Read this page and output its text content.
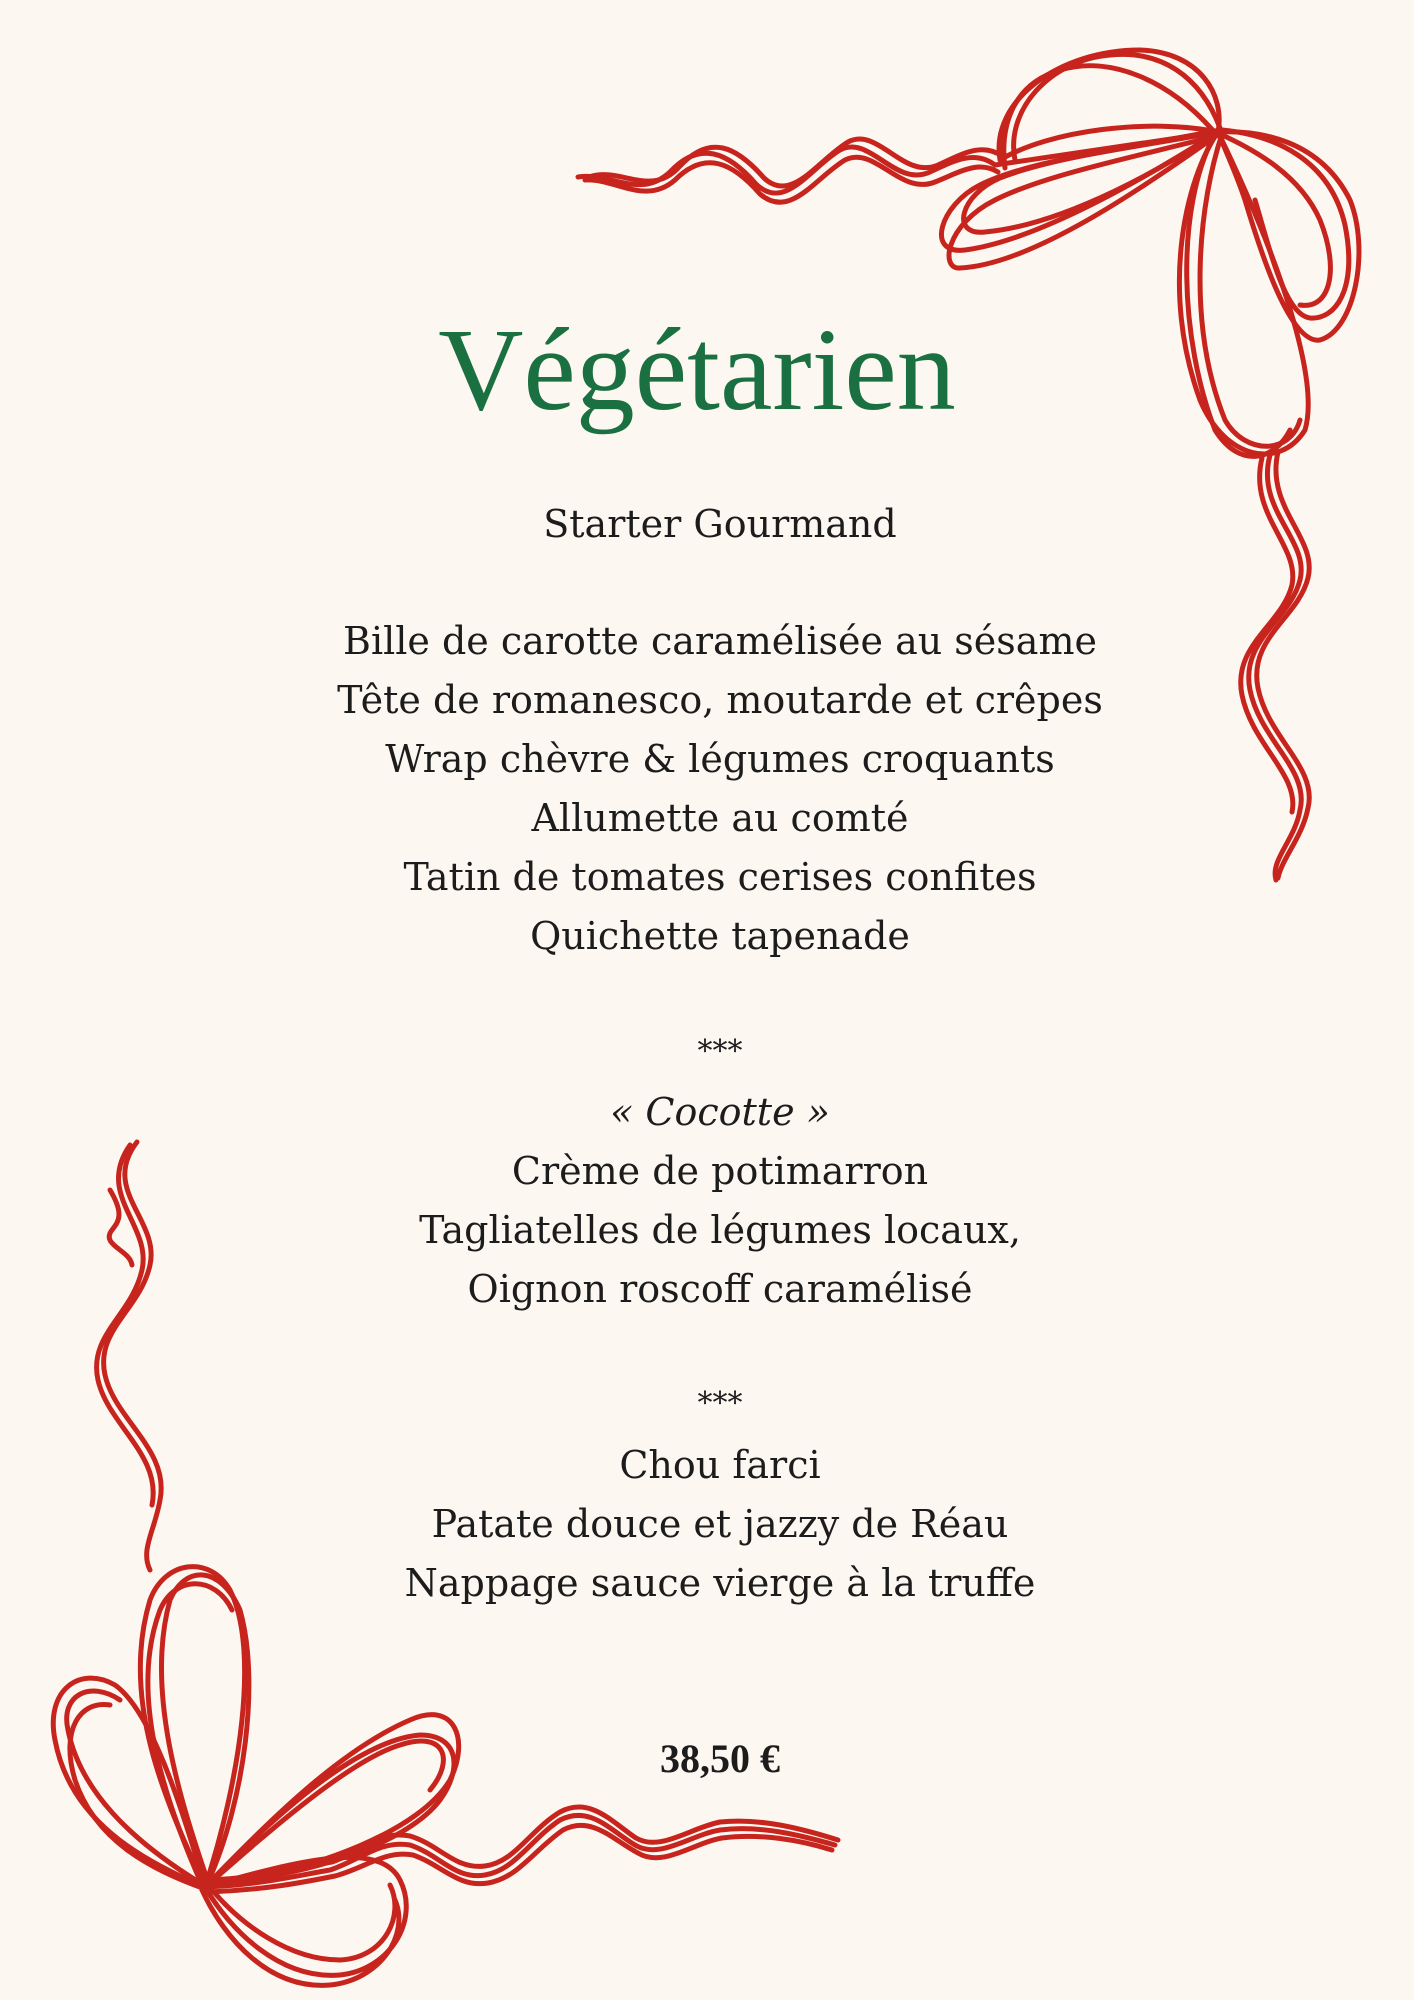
Végétarien

Starter Gourmand

Bille de carotte caramélisée au sésame

Tête de romanesco, moutarde et crêpes

Wrap chèvre & légumes croquants

Allumette au comté

Tatin de tomates cerises confites

Quichette tapenade

***

« Cocotte »

Crème de potimarron

Tagliatelles de légumes locaux,

Oignon roscoff caramélisé

***

Chou farci

Patate douce et jazzy de Réau

Nappage sauce vierge à la truffe

38,50 €
